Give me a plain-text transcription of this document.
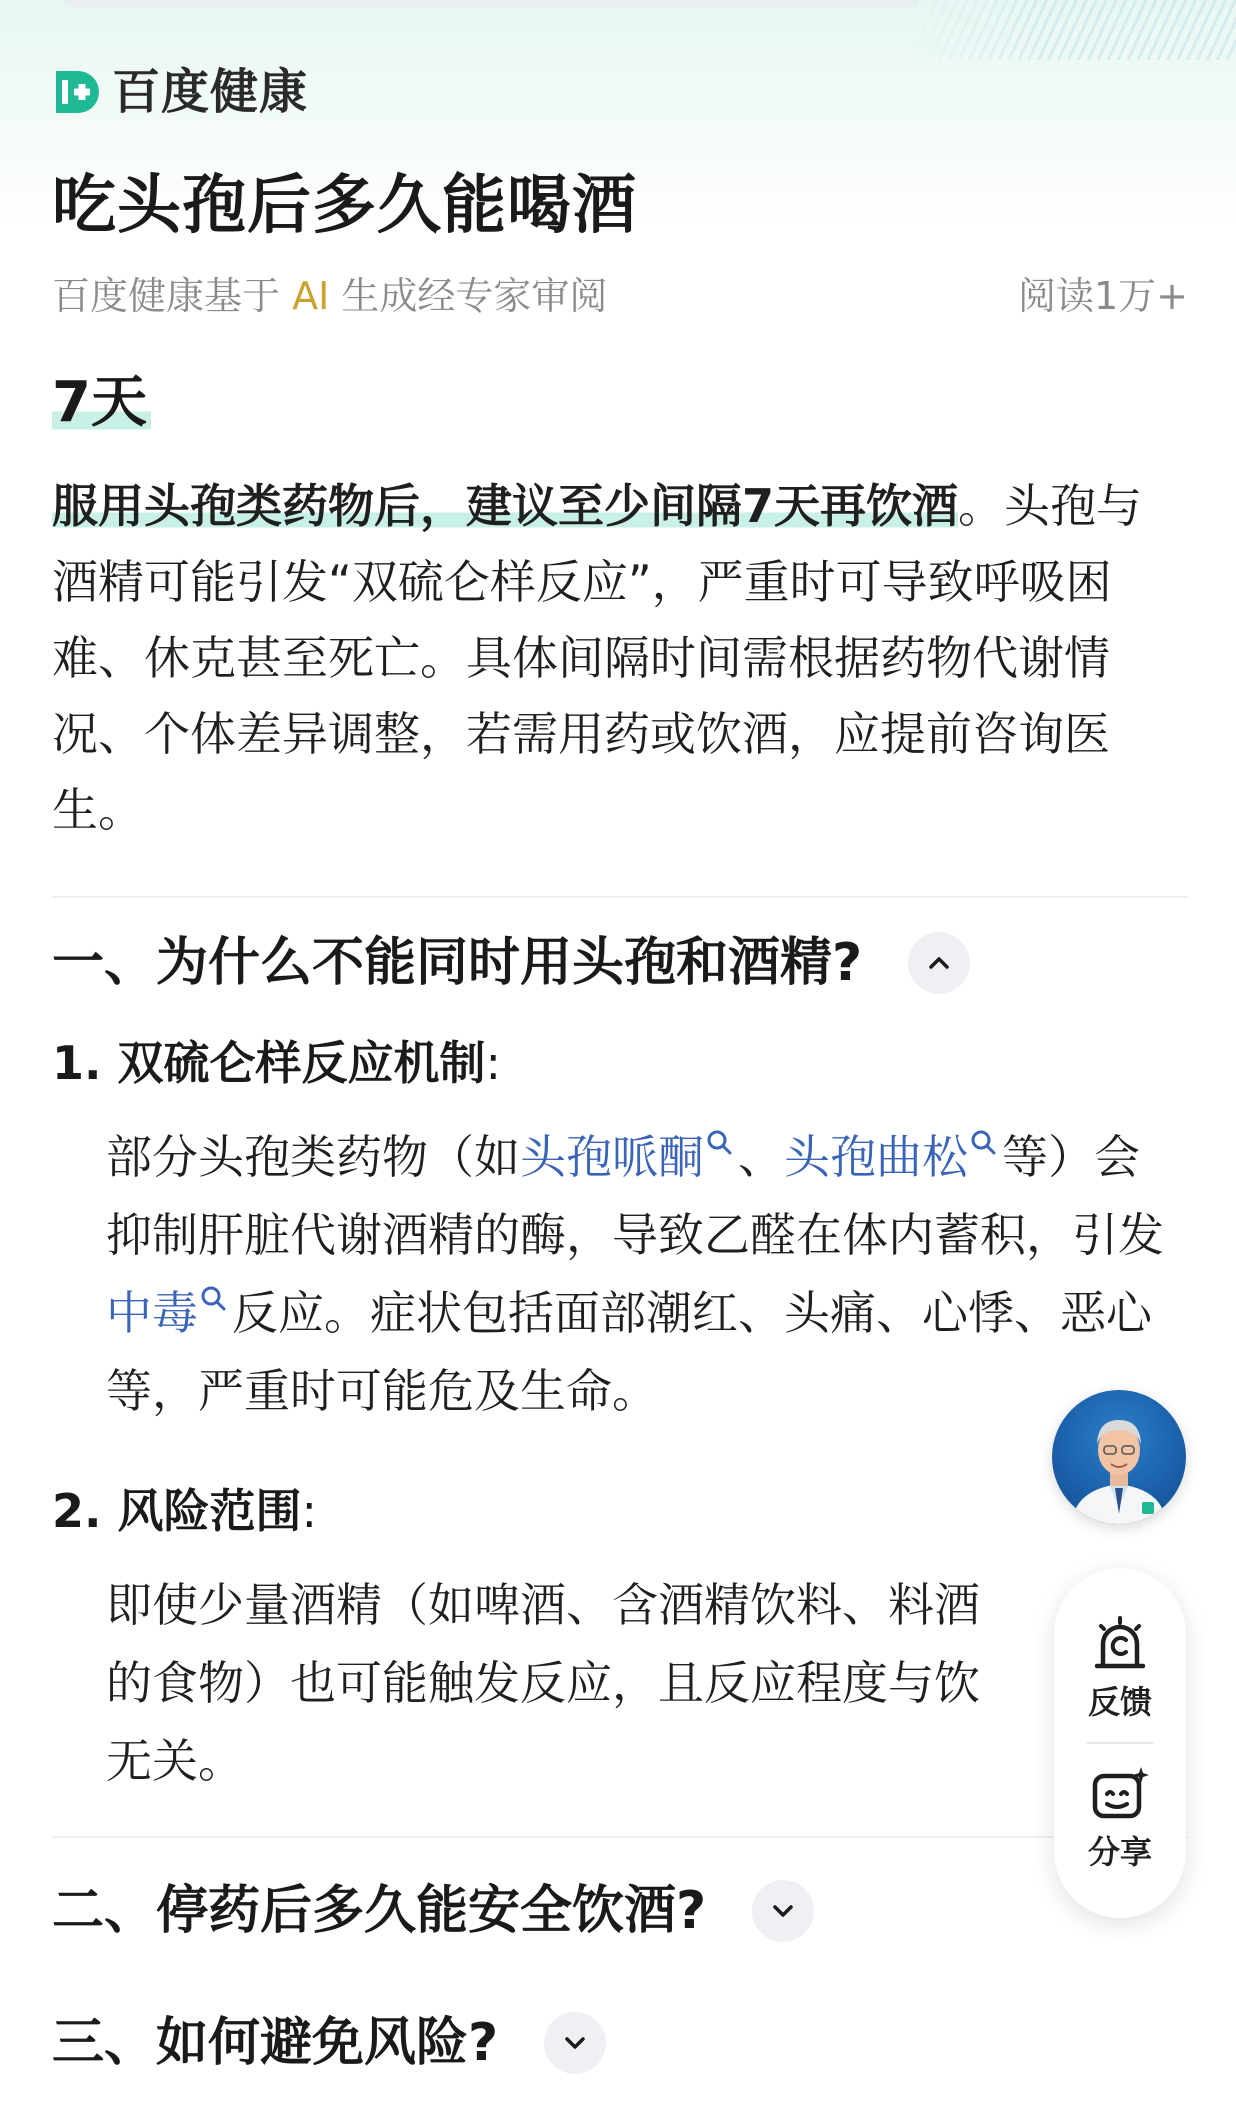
百度健康
吃头孢后多久能喝酒
百度健康基于 AI 生成经专家审阅	阅读1万+
7天
服用头孢类药物后，建议至少间隔7天再饮酒。头孢与酒精可能引发“双硫仑样反应”，严重时可导致呼吸困难、休克甚至死亡。具体间隔时间需根据药物代谢情况、个体差异调整，若需用药或饮酒，应提前咨询医生。
一、为什么不能同时用头孢和酒精?
1. 双硫仑样反应机制:
部分头孢类药物（如头孢哌酮 、头孢曲松 等）会抑制肝脏代谢酒精的酶，导致乙醛在体内蓄积，引发中毒 反应。症状包括面部潮红、头痛、心悸、恶心等，严重时可能危及生命。
2. 风险范围:
即使少量酒精（如啤酒、含酒精饮料、料酒
的食物）也可能触发反应，且反应程度与饮
无关。
二、停药后多久能安全饮酒?
三、如何避免风险?
反馈
分享
